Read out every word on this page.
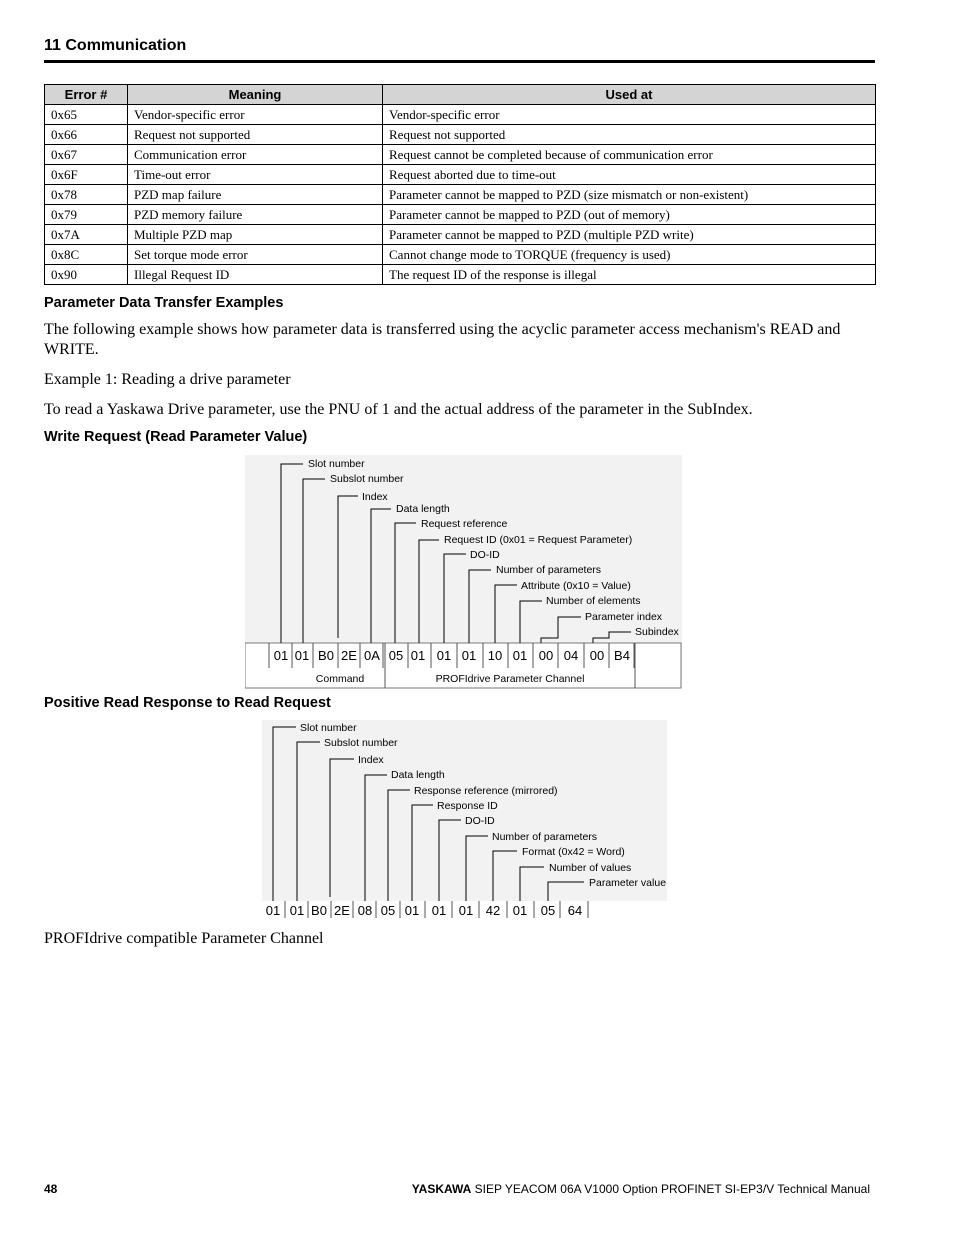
11 Communication
Error #	Meaning	Used at
0x65	Vendor-specific error	Vendor-specific error
0x66	Request not supported	Request not supported
0x67	Communication error	Request cannot be completed because of communication error
0x6F	Time-out error	Request aborted due to time-out
0x78	PZD map failure	Parameter cannot be mapped to PZD (size mismatch or non-existent)
0x79	PZD memory failure	Parameter cannot be mapped to PZD (out of memory)
0x7A	Multiple PZD map	Parameter cannot be mapped to PZD (multiple PZD write)
0x8C	Set torque mode error	Cannot change mode to TORQUE (frequency is used)
0x90	Illegal Request ID	The request ID of the response is illegal
Parameter Data Transfer Examples
The following example shows how parameter data is transferred using the acyclic parameter access mechanism's READ and WRITE.
Example 1: Reading a drive parameter
To read a Yaskawa Drive parameter, use the PNU of 1 and the actual address of the parameter in the SubIndex.
Write Request (Read Parameter Value)
01 01 B0 2E 0A 05 01 01 01 10 01 00 04 00 B4
Slot number
Subslot number
Index
Data length
Request reference
Request ID (0x01 = Request Parameter)
DO-ID
Number of parameters
Attribute (0x10 = Value)
Number of elements
Parameter index
Subindex
Command	PROFIdrive Parameter Channel
Positive Read Response to Read Request
01 01 B0 2E 08 05 01 01 01 42 01 05 64
Slot number
Subslot number
Index
Data length
Response reference (mirrored)
Response ID
DO-ID
Number of parameters
Format (0x42 = Word)
Number of values
Parameter value
PROFIdrive compatible Parameter Channel
48	YASKAWA SIEP YEACOM 06A V1000 Option PROFINET SI-EP3/V Technical Manual
